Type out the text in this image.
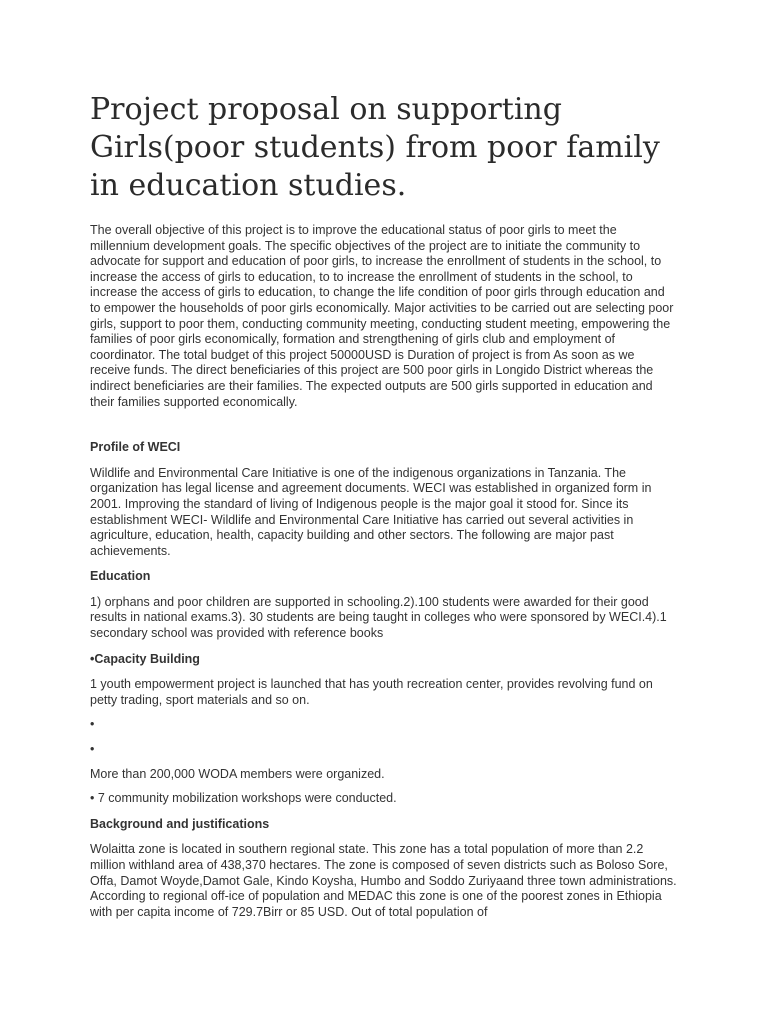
Project proposal on supporting Girls(poor students) from poor family in education studies.

The overall objective of this project is to improve the educational status of poor girls to meet the millennium development goals. The specific objectives of the project are to initiate the community to advocate for support and education of poor girls, to increase the enrollment of students in the school, to increase the access of girls to education, to to increase the enrollment of students in the school, to increase the access of girls to education, to change the life condition of poor girls through education and to empower the households of poor girls economically. Major activities to be carried out are selecting poor girls, support to poor them, conducting community meeting, conducting student meeting, empowering the families of poor girls economically, formation and strengthening of girls club and employment of coordinator. The total budget of this project 50000USD is Duration of project is from As soon as we receive funds. The direct beneficiaries of this project are 500 poor girls in Longido District whereas the indirect beneficiaries are their families. The expected outputs are 500 girls supported in education and their families supported economically.

Profile of WECI

Wildlife and Environmental Care Initiative is one of the indigenous organizations in Tanzania. The organization has legal license and agreement documents. WECI was established in organized form in 2001. Improving the standard of living of Indigenous people is the major goal it stood for. Since its establishment WECI- Wildlife and Environmental Care Initiative has carried out several activities in agriculture, education, health, capacity building and other sectors. The following are major past achievements.

Education

1) orphans and poor children are supported in schooling.2).100 students were awarded for their good results in national exams.3). 30 students are being taught in colleges who were sponsored by WECI.4).1 secondary school was provided with reference books

•Capacity Building

1 youth empowerment project is launched that has youth recreation center, provides revolving fund on petty trading, sport materials and so on.

•

•

More than 200,000 WODA members were organized.

• 7 community mobilization workshops were conducted.

Background and justifications

Wolaitta zone is located in southern regional state. This zone has a total population of more than 2.2 million withland area of 438,370 hectares. The zone is composed of seven districts such as Boloso Sore, Offa, Damot Woyde,Damot Gale, Kindo Koysha, Humbo and Soddo Zuriyaand three town administrations. According to regional off-ice of population and MEDAC this zone is one of the poorest zones in Ethiopia with per capita income of 729.7Birr or 85 USD. Out of total population of
